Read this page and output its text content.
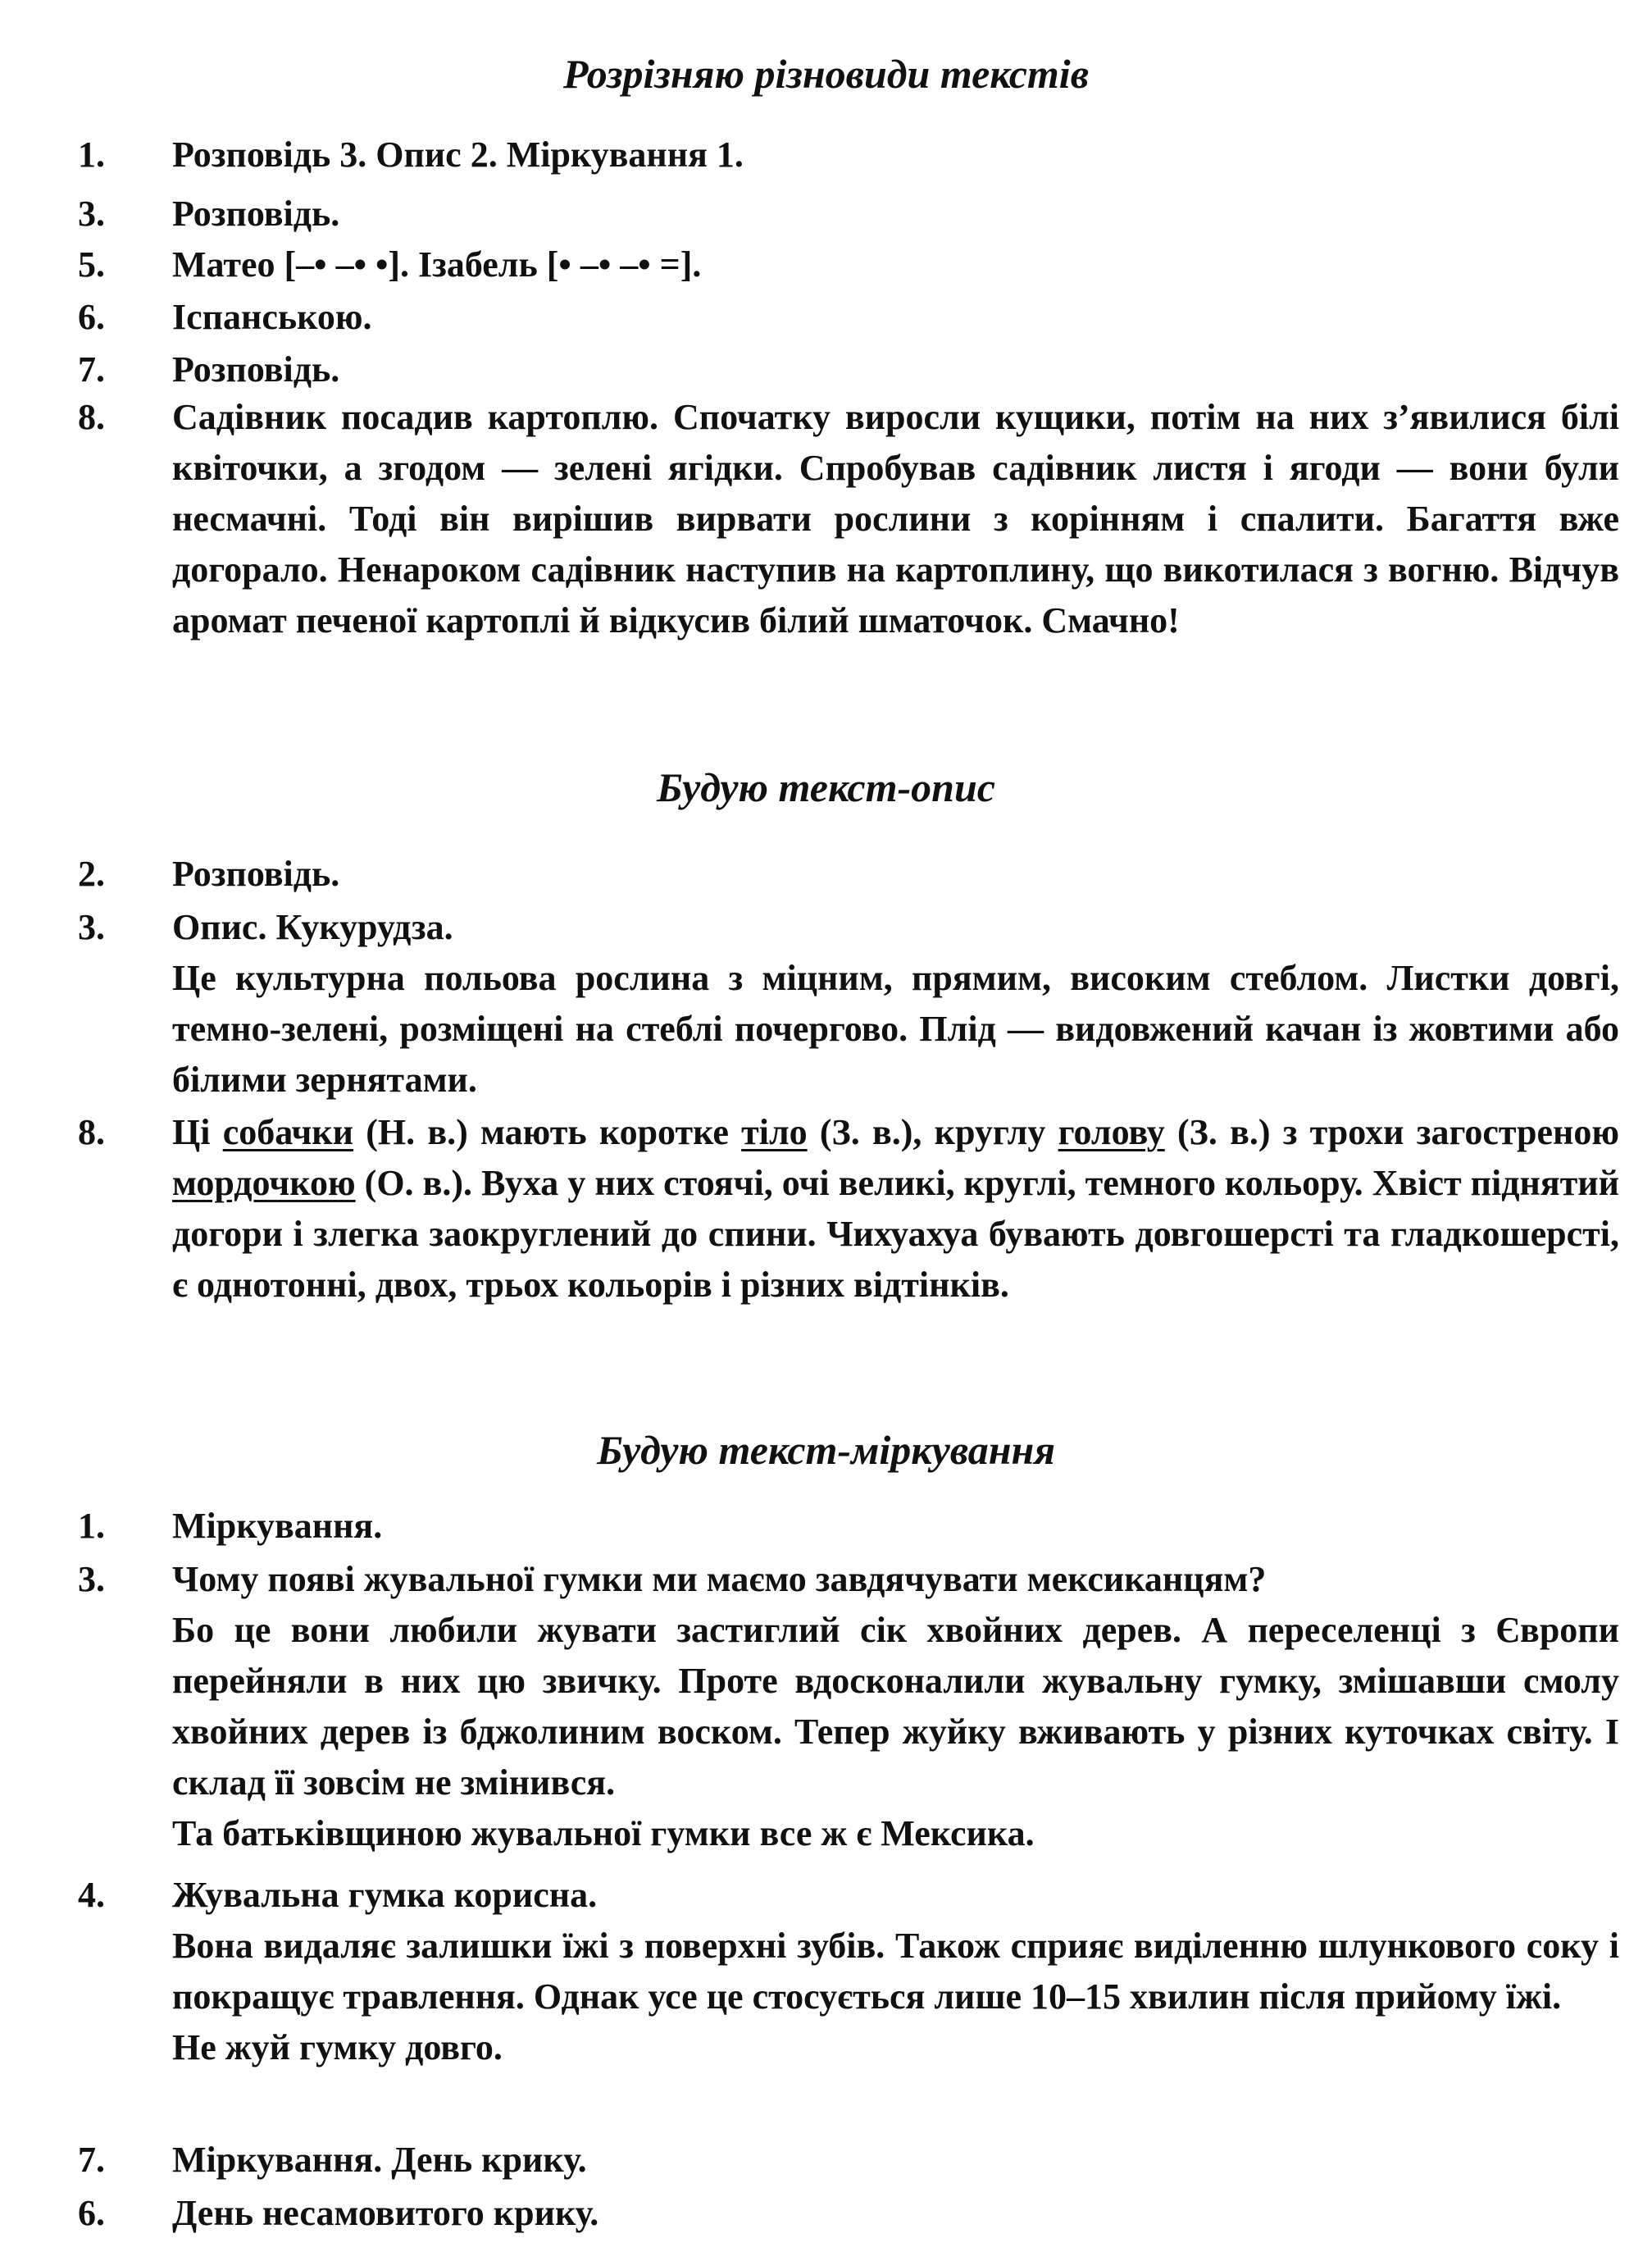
Розрізняю різновиди текстів
1.	Розповідь 3. Опис 2. Міркування 1.

3.	Розповідь.

5.	Матео [–• –• •]. Ізабель [• –• –• =].

6.	Іспанською.

7.	Розповідь.

8.	Садівник посадив картоплю. Спочатку виросли кущики, потім на них з’явилися білі квіточки, а згодом — зелені ягідки. Спробував садівник листя і ягоди — вони були несмачні. Тоді він вирішив вирвати рослини з корінням і спалити. Багаття вже догорало. Ненароком садівник наступив на картоплину, що викотилася з вогню. Відчув аромат печеної картоплі й відкусив білий шматочок. Смачно!

Будую текст-опис
2.	Розповідь.

3.	Опис. Кукурудза.

Це культурна польова рослина з міцним, прямим, високим стеблом. Листки довгі, темно-зелені, розміщені на стеблі почергово. Плід — видовжений качан із жовтими або білими зернятами.

8.	Ці собачки (Н. в.) мають коротке тіло (З. в.), круглу голову (З. в.) з трохи загостреною мордочкою (О. в.). Вуха у них стоячі, очі великі, круглі, темного кольору. Хвіст піднятий догори і злегка заокруглений до спини. Чихуахуа бувають довгошерсті та гладкошерсті, є однотонні, двох, трьох кольорів і різних відтінків.

Будую текст-міркування
1.	Міркування.

3.	Чому появі жувальної гумки ми маємо завдячувати мексиканцям?

Бо це вони любили жувати застиглий сік хвойних дерев. А переселенці з Європи перейняли в них цю звичку. Проте вдосконалили жувальну гумку, змішавши смолу хвойних дерев із бджолиним воском. Тепер жуйку вживають у різних куточках світу. І склад її зовсім не змінився.

Та батьківщиною жувальної гумки все ж є Мексика.

4.	Жувальна гумка корисна.

Вона видаляє залишки їжі з поверхні зубів. Також сприяє виділенню шлункового соку і покращує травлення. Однак усе це стосується лише 10–15 хвилин після прийому їжі.

Не жуй гумку довго.

7.	Міркування. День крику.

6.	День несамовитого крику.
